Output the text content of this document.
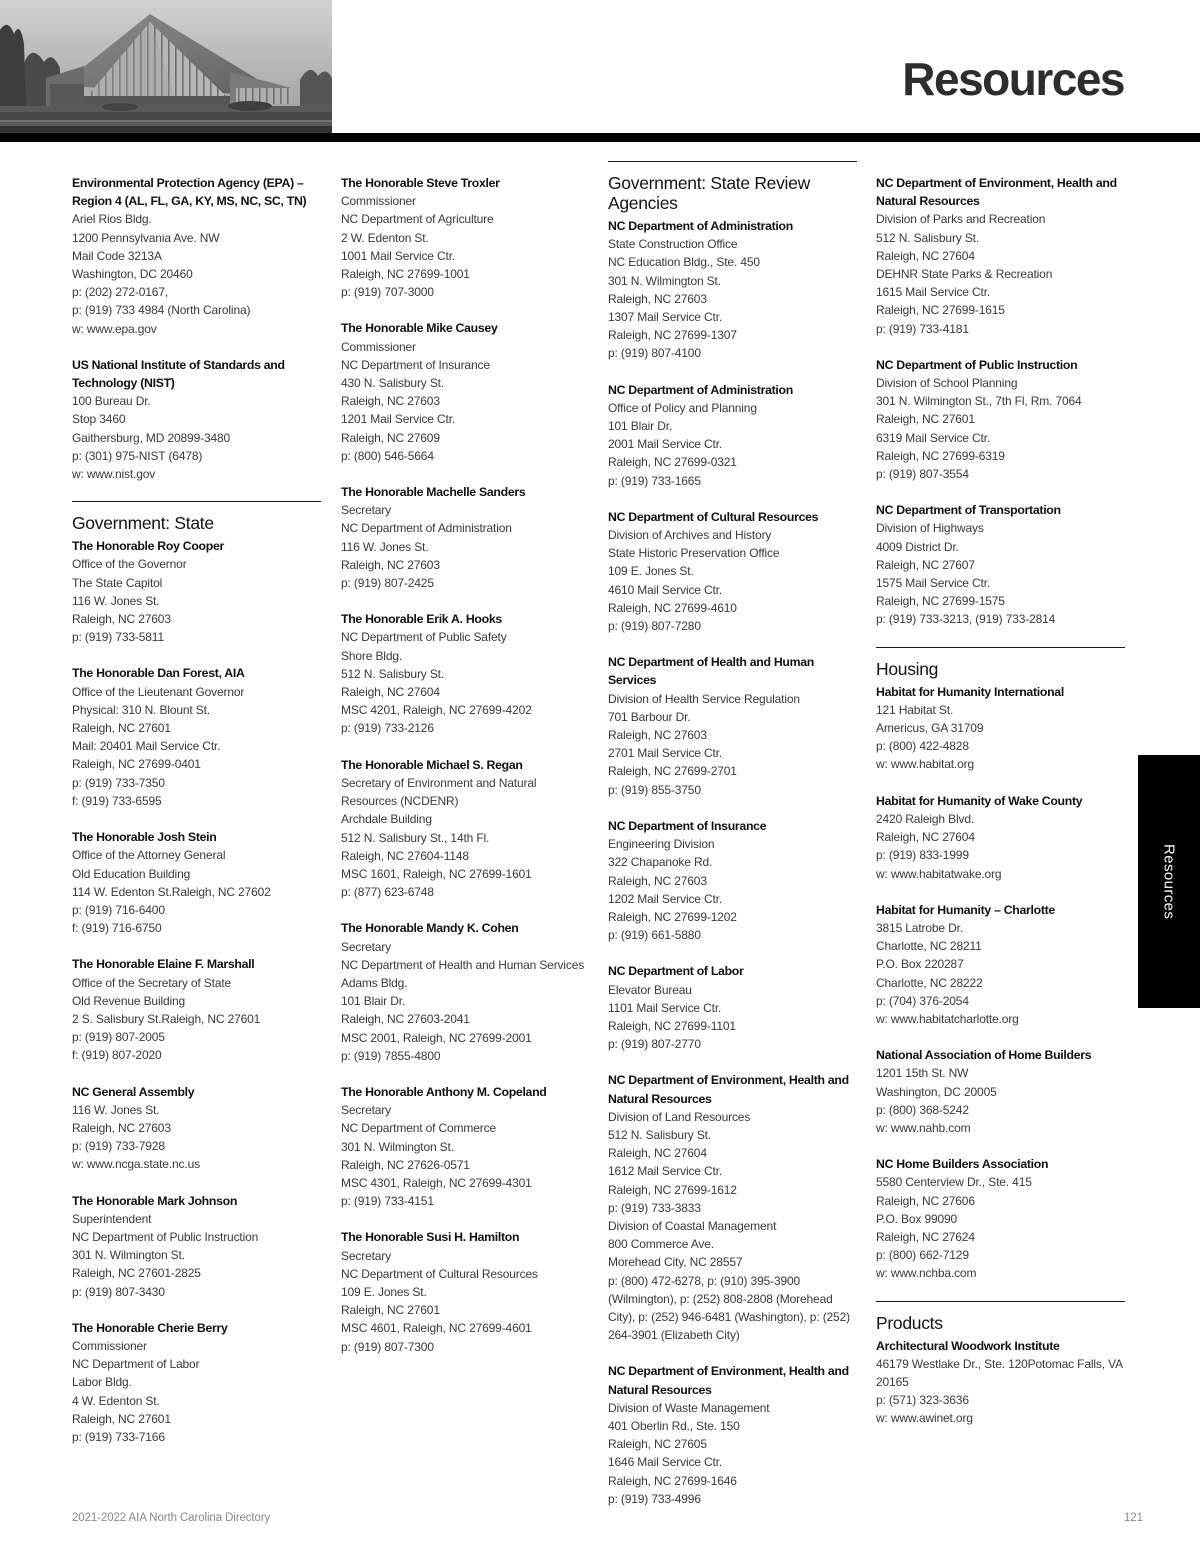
Resources
Environmental Protection Agency (EPA) – Region 4 (AL, FL, GA, KY, MS, NC, SC, TN)
Ariel Rios Bldg.
1200 Pennsylvania Ave. NW
Mail Code 3213A
Washington, DC 20460
p: (202) 272-0167,
p: (919) 733 4984 (North Carolina)
w: www.epa.gov
US National Institute of Standards and Technology (NIST)
100 Bureau Dr.
Stop 3460
Gaithersburg, MD 20899-3480
p: (301) 975-NIST (6478)
w: www.nist.gov
Government: State
The Honorable Roy Cooper
Office of the Governor
The State Capitol
116 W. Jones St.
Raleigh, NC 27603
p: (919) 733-5811
The Honorable Dan Forest, AIA
Office of the Lieutenant Governor
Physical: 310 N. Blount St.
Raleigh, NC 27601
Mail: 20401 Mail Service Ctr.
Raleigh, NC 27699-0401
p: (919) 733-7350
f: (919) 733-6595
The Honorable Josh Stein
Office of the Attorney General
Old Education Building
114 W. Edenton St.Raleigh, NC 27602
p: (919) 716-6400
f: (919) 716-6750
The Honorable Elaine F. Marshall
Office of the Secretary of State
Old Revenue Building
2 S. Salisbury St.Raleigh, NC 27601
p: (919) 807-2005
f: (919) 807-2020
NC General Assembly
116 W. Jones St.
Raleigh, NC 27603
p: (919) 733-7928
w: www.ncga.state.nc.us
The Honorable Mark Johnson
Superintendent
NC Department of Public Instruction
301 N. Wilmington St.
Raleigh, NC 27601-2825
p: (919) 807-3430
The Honorable Cherie Berry
Commissioner
NC Department of Labor
Labor Bldg.
4 W. Edenton St.
Raleigh, NC 27601
p: (919) 733-7166
The Honorable Steve Troxler
Commissioner
NC Department of Agriculture
2 W. Edenton St.
1001 Mail Service Ctr.
Raleigh, NC 27699-1001
p: (919) 707-3000
The Honorable Mike Causey
Commissioner
NC Department of Insurance
430 N. Salisbury St.
Raleigh, NC 27603
1201 Mail Service Ctr.
Raleigh, NC 27609
p: (800) 546-5664
The Honorable Machelle Sanders
Secretary
NC Department of Administration
116 W. Jones St.
Raleigh, NC 27603
p: (919) 807-2425
The Honorable Erik A. Hooks
NC Department of Public Safety
Shore Bldg.
512 N. Salisbury St.
Raleigh, NC 27604
MSC 4201, Raleigh, NC 27699-4202
p: (919) 733-2126
The Honorable Michael S. Regan
Secretary of Environment and Natural Resources (NCDENR)
Archdale Building
512 N. Salisbury St., 14th Fl.
Raleigh, NC 27604-1148
MSC 1601, Raleigh, NC 27699-1601
p: (877) 623-6748
The Honorable Mandy K. Cohen
Secretary
NC Department of Health and Human Services
Adams Bldg.
101 Blair Dr.
Raleigh, NC 27603-2041
MSC 2001, Raleigh, NC 27699-2001
p: (919) 7855-4800
The Honorable Anthony M. Copeland
Secretary
NC Department of Commerce
301 N. Wilmington St.
Raleigh, NC 27626-0571
MSC 4301, Raleigh, NC 27699-4301
p: (919) 733-4151
The Honorable Susi H. Hamilton
Secretary
NC Department of Cultural Resources
109 E. Jones St.
Raleigh, NC 27601
MSC 4601, Raleigh, NC 27699-4601
p: (919) 807-7300
Government: State Review Agencies
NC Department of Administration
State Construction Office
NC Education Bldg., Ste. 450
301 N. Wilmington St.
Raleigh, NC 27603
1307 Mail Service Ctr.
Raleigh, NC 27699-1307
p: (919) 807-4100
NC Department of Administration
Office of Policy and Planning
101 Blair Dr.
2001 Mail Service Ctr.
Raleigh, NC 27699-0321
p: (919) 733-1665
NC Department of Cultural Resources
Division of Archives and History
State Historic Preservation Office
109 E. Jones St.
4610 Mail Service Ctr.
Raleigh, NC 27699-4610
p: (919) 807-7280
NC Department of Health and Human Services
Division of Health Service Regulation
701 Barbour Dr.
Raleigh, NC 27603
2701 Mail Service Ctr.
Raleigh, NC 27699-2701
p: (919) 855-3750
NC Department of Insurance
Engineering Division
322 Chapanoke Rd.
Raleigh, NC 27603
1202 Mail Service Ctr.
Raleigh, NC 27699-1202
p: (919) 661-5880
NC Department of Labor
Elevator Bureau
1101 Mail Service Ctr.
Raleigh, NC 27699-1101
p: (919) 807-2770
NC Department of Environment, Health and Natural Resources
Division of Land Resources
512 N. Salisbury St.
Raleigh, NC 27604
1612 Mail Service Ctr.
Raleigh, NC 27699-1612
p: (919) 733-3833
Division of Coastal Management
800 Commerce Ave.
Morehead City, NC 28557
p: (800) 472-6278, p: (910) 395-3900 (Wilmington), p: (252) 808-2808 (Morehead City), p: (252) 946-6481 (Washington), p: (252) 264-3901 (Elizabeth City)
NC Department of Environment, Health and Natural Resources
Division of Waste Management
401 Oberlin Rd., Ste. 150
Raleigh, NC 27605
1646 Mail Service Ctr.
Raleigh, NC 27699-1646
p: (919) 733-4996
NC Department of Environment, Health and Natural Resources
Division of Parks and Recreation
512 N. Salisbury St.
Raleigh, NC 27604
DEHNR State Parks & Recreation
1615 Mail Service Ctr.
Raleigh, NC 27699-1615
p: (919) 733-4181
NC Department of Public Instruction
Division of School Planning
301 N. Wilmington St., 7th Fl, Rm. 7064
Raleigh, NC 27601
6319 Mail Service Ctr.
Raleigh, NC 27699-6319
p: (919) 807-3554
NC Department of Transportation
Division of Highways
4009 District Dr.
Raleigh, NC 27607
1575 Mail Service Ctr.
Raleigh, NC 27699-1575
p: (919) 733-3213, (919) 733-2814
Housing
Habitat for Humanity International
121 Habitat St.
Americus, GA 31709
p: (800) 422-4828
w: www.habitat.org
Habitat for Humanity of Wake County
2420 Raleigh Blvd.
Raleigh, NC 27604
p: (919) 833-1999
w: www.habitatwake.org
Habitat for Humanity – Charlotte
3815 Latrobe Dr.
Charlotte, NC 28211
P.O. Box 220287
Charlotte, NC 28222
p: (704) 376-2054
w: www.habitatcharlotte.org
National Association of Home Builders
1201 15th St. NW
Washington, DC 20005
p: (800) 368-5242
w: www.nahb.com
NC Home Builders Association
5580 Centerview Dr., Ste. 415
Raleigh, NC 27606
P.O. Box 99090
Raleigh, NC 27624
p: (800) 662-7129
w: www.nchba.com
Products
Architectural Woodwork Institute
46179 Westlake Dr., Ste. 120Potomac Falls, VA
20165
p: (571) 323-3636
w: www.awinet.org
Resources
2021-2022 AIA North Carolina Directory	121
